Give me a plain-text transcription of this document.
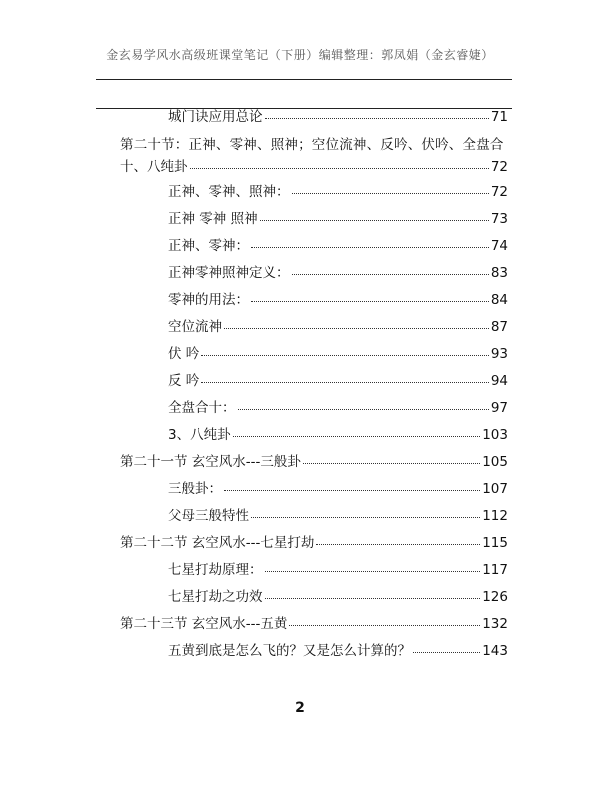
金玄易学风水高级班课堂笔记（下册）编辑整理：郭凤娟（金玄睿婕）
城门诀应用总论	71
第二十节：正神、零神、照神；空位流神、反吟、伏吟、全盘合
十、八纯卦	72
正神、零神、照神：	72
正神 零神 照神	73
正神、零神：	74
正神零神照神定义：	83
零神的用法：	84
空位流神	87
伏 吟	93
反 吟	94
全盘合十：	97
3、八纯卦	103
第二十一节 玄空风水---三般卦	105
三般卦：	107
父母三般特性	112
第二十二节 玄空风水---七星打劫	115
七星打劫原理：	117
七星打劫之功效	126
第二十三节 玄空风水---五黄	132
五黄到底是怎么飞的？又是怎么计算的？	143
2
